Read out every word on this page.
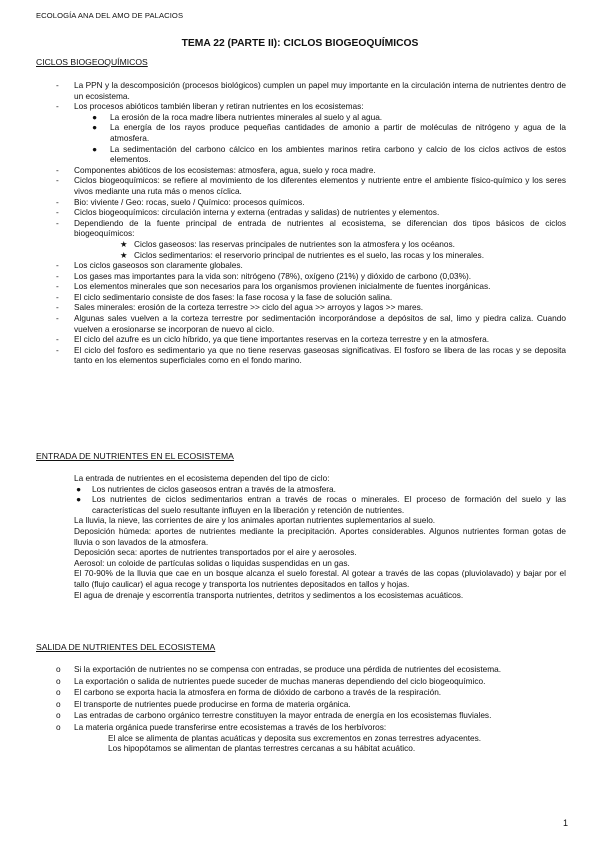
ECOLOGÍA ANA DEL AMO DE PALACIOS
TEMA 22 (PARTE II): CICLOS BIOGEOQUÍMICOS
CICLOS BIOGEOQUÍMICOS
- La PPN y la descomposición (procesos biológicos) cumplen un papel muy importante en la circulación interna de nutrientes dentro de un ecosistema.
- Los procesos abióticos también liberan y retiran nutrientes en los ecosistemas:
● La erosión de la roca madre libera nutrientes minerales al suelo y al agua.
● La energía de los rayos produce pequeñas cantidades de amonio a partir de moléculas de nitrógeno y agua de la atmosfera.
● La sedimentación del carbono cálcico en los ambientes marinos retira carbono y calcio de los ciclos activos de estos elementos.
- Componentes abióticos de los ecosistemas: atmosfera, agua, suelo y roca madre.
- Ciclos biogeoquímicos: se refiere al movimiento de los diferentes elementos y nutriente entre el ambiente físico-químico y los seres vivos mediante una ruta más o menos cíclica.
- Bio: viviente / Geo: rocas, suelo / Químico: procesos químicos.
- Ciclos biogeoquímicos: circulación interna y externa (entradas y salidas) de nutrientes y elementos.
- Dependiendo de la fuente principal de entrada de nutrientes al ecosistema, se diferencian dos tipos básicos de ciclos biogeoquímicos:
★ Ciclos gaseosos: las reservas principales de nutrientes son la atmosfera y los océanos.
★ Ciclos sedimentarios: el reservorio principal de nutrientes es el suelo, las rocas y los minerales.
- Los ciclos gaseosos son claramente globales.
- Los gases mas importantes para la vida son: nitrógeno (78%), oxígeno (21%) y dióxido de carbono (0,03%).
- Los elementos minerales que son necesarios para los organismos provienen inicialmente de fuentes inorgánicas.
- El ciclo sedimentario consiste de dos fases: la fase rocosa y la fase de solución salina.
- Sales minerales: erosión de la corteza terrestre >> ciclo del agua >> arroyos y lagos >> mares.
- Algunas sales vuelven a la corteza terrestre por sedimentación incorporándose a depósitos de sal, limo y piedra caliza. Cuando vuelven a erosionarse se incorporan de nuevo al ciclo.
- El ciclo del azufre es un ciclo híbrido, ya que tiene importantes reservas en la corteza terrestre y en la atmosfera.
- El ciclo del fosforo es sedimentario ya que no tiene reservas gaseosas significativas. El fosforo se libera de las rocas y se deposita tanto en los elementos superficiales como en el fondo marino.
ENTRADA DE NUTRIENTES EN EL ECOSISTEMA

La entrada de nutrientes en el ecosistema dependen del tipo de ciclo:

● Los nutrientes de ciclos gaseosos entran a través de la atmosfera.
● Los nutrientes de ciclos sedimentarios entran a través de rocas o minerales. El proceso de formación del suelo y las características del suelo resultante influyen en la liberación y retención de nutrientes.

La lluvia, la nieve, las corrientes de aire y los animales aportan nutrientes suplementarios al suelo.

Deposición húmeda: aportes de nutrientes mediante la precipitación. Aportes considerables. Algunos nutrientes forman gotas de lluvia o son lavados de la atmosfera.

Deposición seca: aportes de nutrientes transportados por el aire y aerosoles.

Aerosol: un coloide de partículas solidas o liquidas suspendidas en un gas.

El 70-90% de la lluvia que cae en un bosque alcanza el suelo forestal. Al gotear a través de las copas (pluviolavado) y bajar por el tallo (flujo caulicar) el agua recoge y transporta los nutrientes depositados en tallos y hojas.

El agua de drenaje y escorrentía transporta nutrientes, detritos y sedimentos a los ecosistemas acuáticos.

SALIDA DE NUTRIENTES DEL ECOSISTEMA
o Si la exportación de nutrientes no se compensa con entradas, se produce una pérdida de nutrientes del ecosistema.
o La exportación o salida de nutrientes puede suceder de muchas maneras dependiendo del ciclo biogeoquímico.
o El carbono se exporta hacia la atmosfera en forma de dióxido de carbono a través de la respiración.
o El transporte de nutrientes puede producirse en forma de materia orgánica.
o Las entradas de carbono orgánico terrestre constituyen la mayor entrada de energía en los ecosistemas fluviales.
o La materia orgánica puede transferirse entre ecosistemas a través de los herbívoros:

El alce se alimenta de plantas acuáticas y deposita sus excrementos en zonas terrestres adyacentes.

Los hipopótamos se alimentan de plantas terrestres cercanas a su hábitat acuático.

1
